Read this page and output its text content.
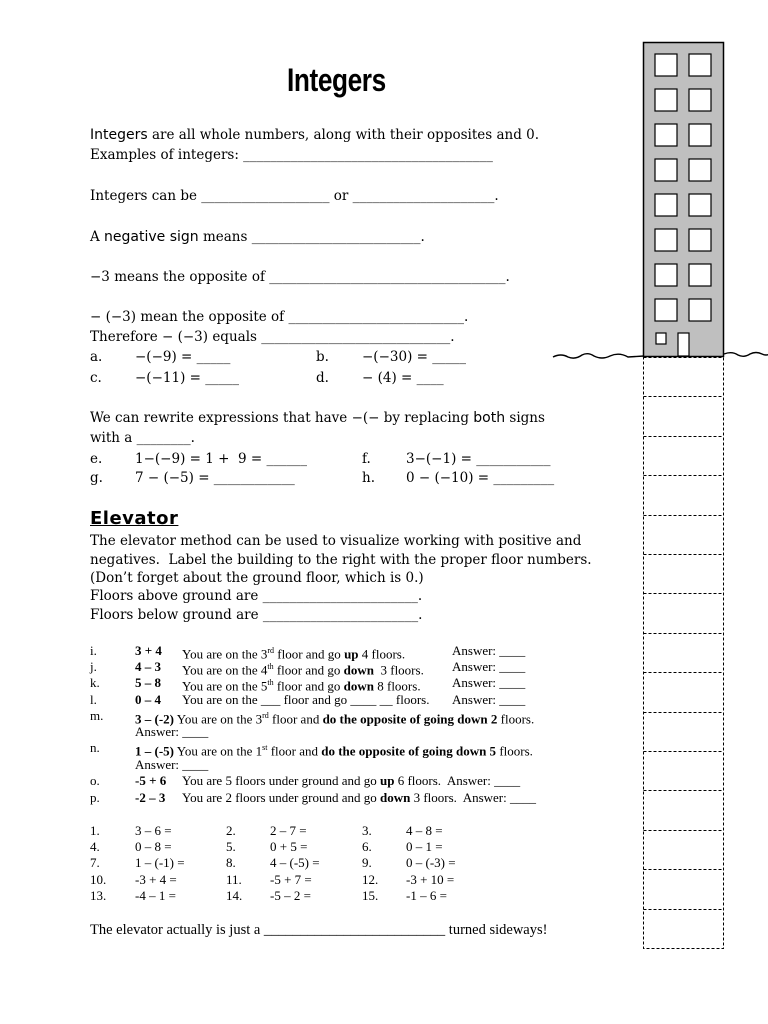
Integers
Integers are all whole numbers, along with their opposites and 0.
Examples of integers: _____________________________________
Integers can be ___________________ or _____________________.
A negative sign means _________________________.
−3 means the opposite of ___________________________________.
− (−3) mean the opposite of __________________________.
Therefore − (−3) equals ____________________________.
a. −(−9) = _____	b. −(−30) = _____
c. −(−11) = _____	d. − (4) = ____
We can rewrite expressions that have −(− by replacing both signs
with a ________.
e. 1−(−9) = 1 +  9 = ______	f.	3−(−1) = ___________
g. 7 − (−5) = ____________	h. 0 − (−10) = _________
Elevator
The elevator method can be used to visualize working with positive and
negatives.  Label the building to the right with the proper floor numbers.
(Don’t forget about the ground floor, which is 0.)
Floors above ground are _______________________.
Floors below ground are _______________________.
i.	3 + 4 You are on the 3rd floor and go up 4 floors.	Answer: ____
j.	4 – 3 You are on the 4th floor and go down  3 floors. Answer: ____
k.	5 – 8 You are on the 5th floor and go down 8 floors. Answer: ____
l.	0 – 4 You are on the ___ floor and go ____ __ floors. Answer: ____
m. 3 – (-2) You are on the 3rd floor and do the opposite of going down 2 floors.
Answer: ____
n.	1 – (-5) You are on the 1st floor and do the opposite of going down 5 floors.
Answer: ____
o.	-5 + 6 You are 5 floors under ground and go up 6 floors.  Answer: ____
p.	-2 – 3 You are 2 floors under ground and go down 3 floors.  Answer: ____
1.	3 – 6 =	2.	2 – 7 =	3.	4 – 8 =
4.	0 – 8 =	5.	0 + 5 =	6.	0 – 1 =
7.	1 – (-1) =	8.	4 – (-5) =	9.	0 – (-3) =
10. -3 + 4 =	11. -5 + 7 =	12. -3 + 10 =
13. -4 – 1 =	14. -5 – 2 =	15. -1 – 6 =
The elevator actually is just a _________________________ turned sideways!
